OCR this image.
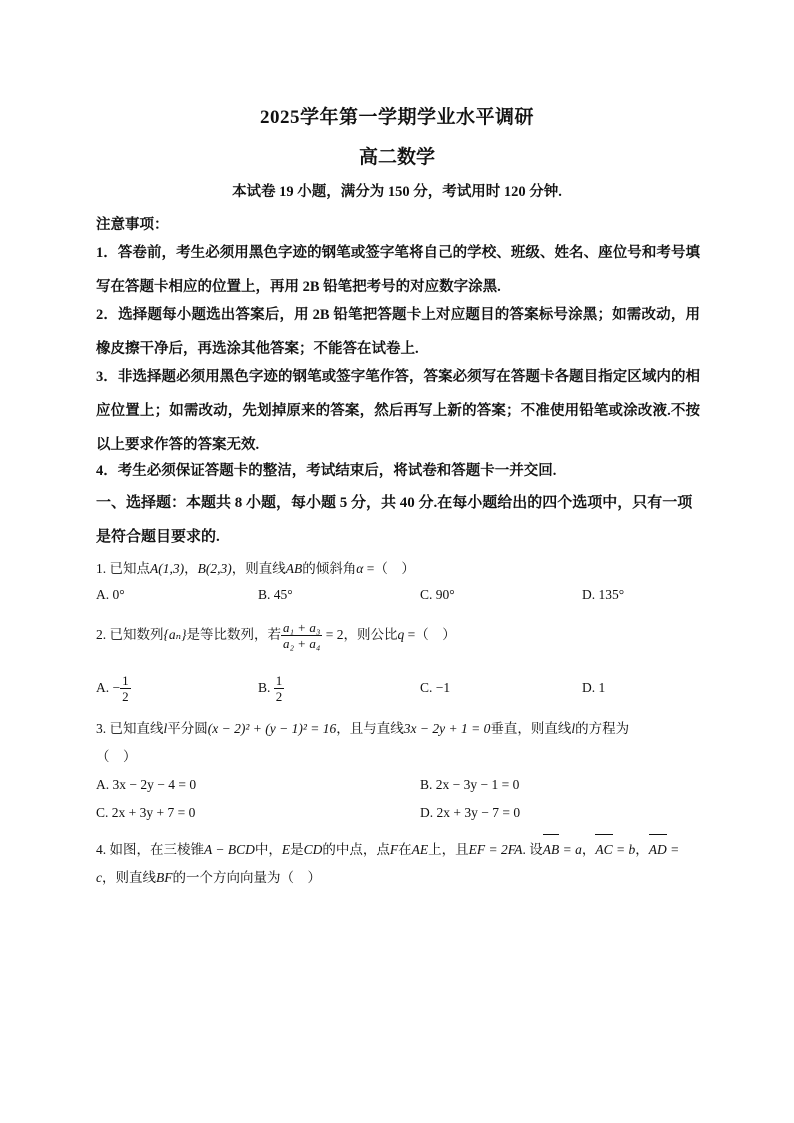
2025学年第一学期学业水平调研
高二数学
本试卷 19 小题，满分为 150 分，考试用时 120 分钟.
注意事项：
1．答卷前，考生必须用黑色字迹的钢笔或签字笔将自己的学校、班级、姓名、座位号和考号填写在答题卡相应的位置上，再用 2B 铅笔把考号的对应数字涂黑.
2．选择题每小题选出答案后，用 2B 铅笔把答题卡上对应题目的答案标号涂黑；如需改动，用橡皮擦干净后，再选涂其他答案；不能答在试卷上.
3．非选择题必须用黑色字迹的钢笔或签字笔作答，答案必须写在答题卡各题目指定区域内的相应位置上；如需改动，先划掉原来的答案，然后再写上新的答案；不准使用铅笔或涂改液.不按以上要求作答的答案无效.
4．考生必须保证答题卡的整洁，考试结束后，将试卷和答题卡一并交回.
一、选择题：本题共 8 小题，每小题 5 分，共 40 分.在每小题给出的四个选项中，只有一项是符合题目要求的.
1. 已知点A(1,3)，B(2,3)，则直线AB的倾斜角α =（　）
A. 0°	B. 45°	C. 90°	D. 135°
2. 已知数列{aₙ}是等比数列，若 $\frac{\text{a₁ + a₃}}{\text{a₂ + a₄}} = 2$，则公比q =（　）
A. − $\frac{1}{2}$	B. $\frac{1}{2}$	C. −1	D. 1
3. 已知直线l平分圆(x − 2)² + (y − 1)² = 16，且与直线3x − 2y + 1 = 0垂直，则直线l的方程为
（　）
A. 3x − 2y − 4 = 0	B. 2x − 3y − 1 = 0
C. 2x + 3y + 7 = 0	D. 2x + 3y − 7 = 0
4. 如图，在三棱锥A − BCD中，E是CD的中点，点F在AE上，且EF = 2FA. 设AB = a，AC = b，AD = c，则直线BF的一个方向向量为（　）
